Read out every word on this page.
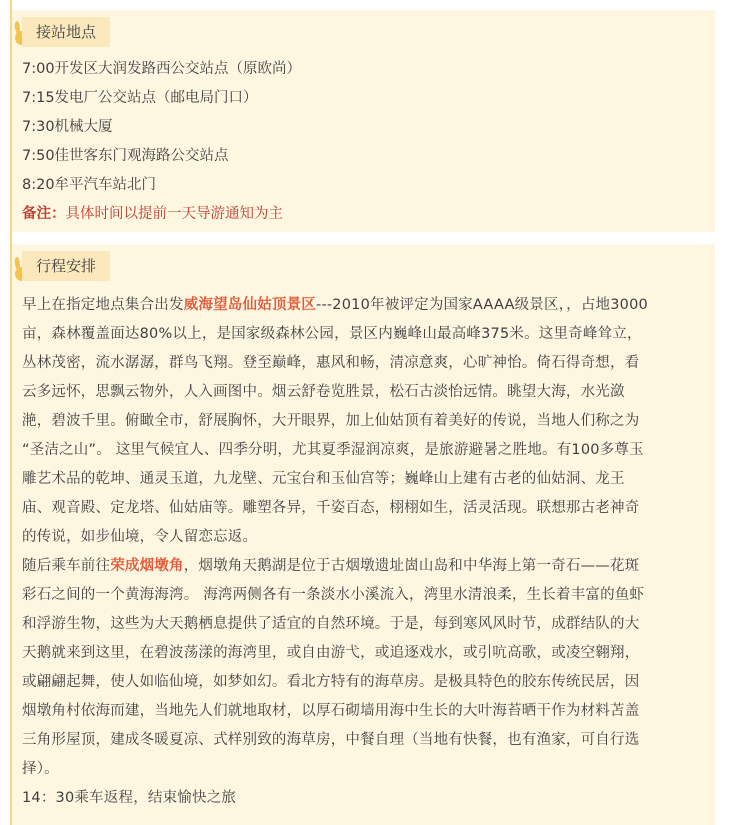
接站地点
7:00开发区大润发路西公交站点（原欧尚）
7:15发电厂公交站点（邮电局门口）
7:30机械大厦
7:50佳世客东门观海路公交站点
8:20牟平汽车站北门
备注：具体时间以提前一天导游通知为主
行程安排
早上在指定地点集合出发威海望岛仙姑顶景区---2010年被评定为国家AAAA级景区，，占地3000
亩，森林覆盖面达80%以上，是国家级森林公园，景区内巍峰山最高峰375米。这里奇峰耸立，
丛林茂密，流水潺潺，群鸟飞翔。登至巅峰，惠风和畅，清凉意爽，心旷神怡。倚石得奇想，看
云多远怀，思飘云物外，人入画图中。烟云舒卷览胜景，松石古淡怡远情。眺望大海，水光潋
滟，碧波千里。俯瞰全市，舒展胸怀，大开眼界，加上仙姑顶有着美好的传说，当地人们称之为
“圣洁之山”。 这里气候宜人、四季分明，尤其夏季湿润凉爽，是旅游避暑之胜地。有100多尊玉
雕艺术品的乾坤、通灵玉道，九龙壁、元宝台和玉仙宫等；巍峰山上建有古老的仙姑洞、龙王
庙、观音殿、定龙塔、仙姑庙等。雕塑各异，千姿百态，栩栩如生，活灵活现。联想那古老神奇
的传说，如步仙境，令人留恋忘返。
随后乘车前往荣成烟墩角，烟墩角天鹅湖是位于古烟墩遗址崮山岛和中华海上第一奇石——花斑
彩石之间的一个黄海海湾。 海湾两侧各有一条淡水小溪流入，湾里水清浪柔，生长着丰富的鱼虾
和浮游生物，这些为大天鹅栖息提供了适宜的自然环境。于是，每到寒风风时节，成群结队的大
天鹅就来到这里，在碧波荡漾的海湾里，或自由游弋，或追逐戏水，或引吭高歌，或凌空翱翔，
或翩翩起舞，使人如临仙境，如梦如幻。看北方特有的海草房。是极具特色的胶东传统民居，因
烟墩角村依海而建，当地先人们就地取材，以厚石砌墙用海中生长的大叶海苔晒干作为材料苫盖
三角形屋顶，建成冬暖夏凉、式样别致的海草房，中餐自理（当地有快餐，也有渔家，可自行选
择）。
14：30乘车返程，结束愉快之旅
